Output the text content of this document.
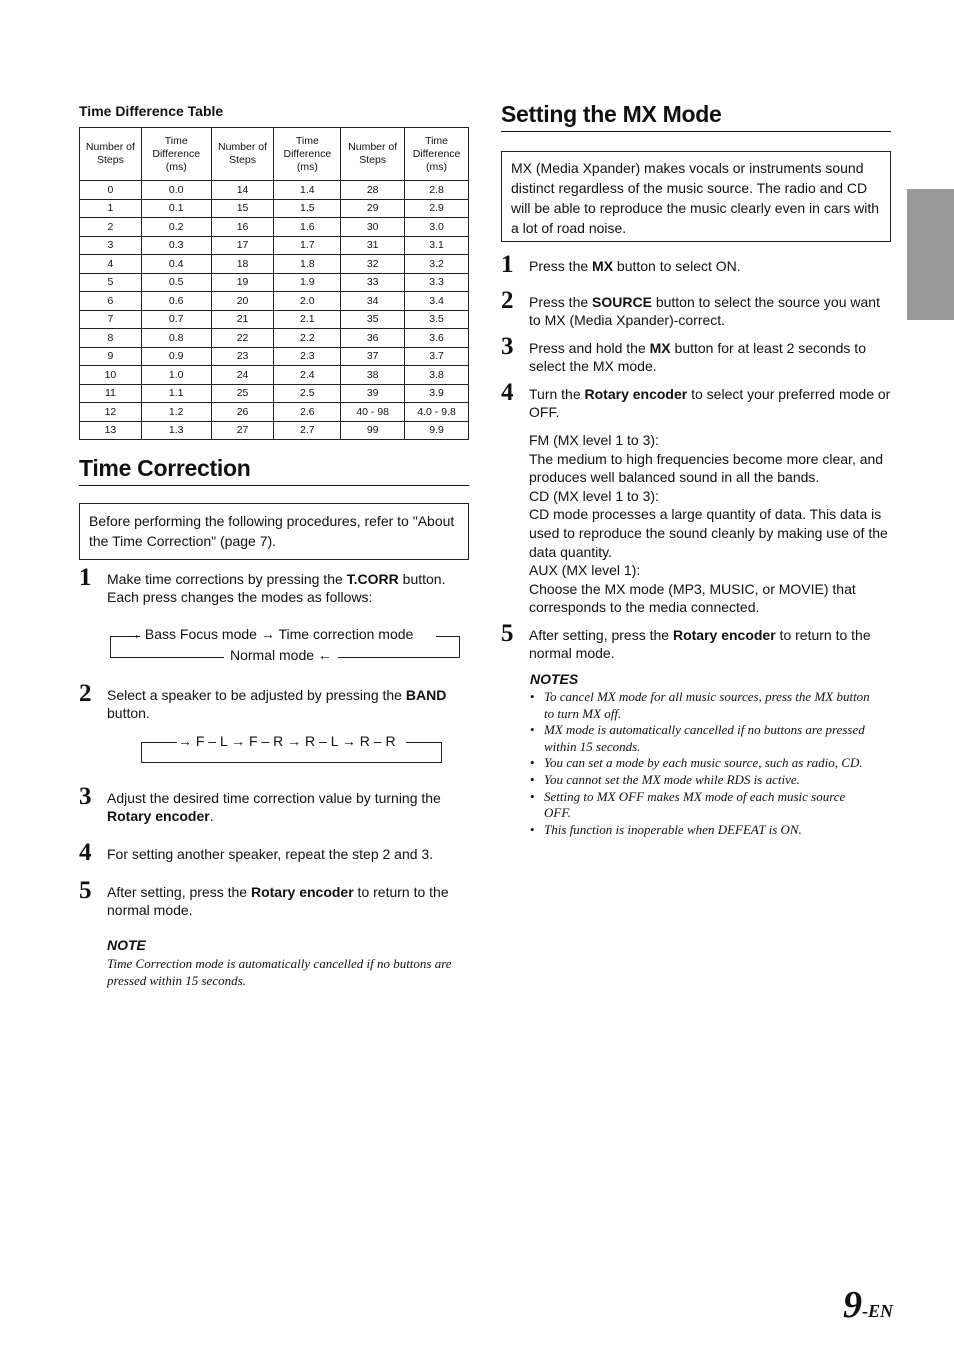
Time Difference Table
Number of Steps	Time Difference (ms)	Number of Steps	Time Difference (ms)	Number of Steps	Time Difference (ms)
0	0.0	14	1.4	28	2.8
1	0.1	15	1.5	29	2.9
2	0.2	16	1.6	30	3.0
3	0.3	17	1.7	31	3.1
4	0.4	18	1.8	32	3.2
5	0.5	19	1.9	33	3.3
6	0.6	20	2.0	34	3.4
7	0.7	21	2.1	35	3.5
8	0.8	22	2.2	36	3.6
9	0.9	23	2.3	37	3.7
10	1.0	24	2.4	38	3.8
11	1.1	25	2.5	39	3.9
12	1.2	26	2.6	40 - 98	4.0 - 9.8
13	1.3	27	2.7	99	9.9
Time Correction
Before performing the following procedures, refer to "About the Time Correction" (page 7).
1 Make time corrections by pressing the T.CORR button. Each press changes the modes as follows:
→ Bass Focus mode → Time correction mode
Normal mode ←
2 Select a speaker to be adjusted by pressing the BAND button.
→ F – L → F – R → R – L → R – R
3 Adjust the desired time correction value by turning the Rotary encoder.
4 For setting another speaker, repeat the step 2 and 3.
5 After setting, press the Rotary encoder to return to the normal mode.
NOTE
Time Correction mode is automatically cancelled if no buttons are pressed within 15 seconds.
Setting the MX Mode
MX (Media Xpander) makes vocals or instruments sound distinct regardless of the music source. The radio and CD will be able to reproduce the music clearly even in cars with a lot of road noise.
1 Press the MX button to select ON.
2 Press the SOURCE button to select the source you want to MX (Media Xpander)-correct.
3 Press and hold the MX button for at least 2 seconds to select the MX mode.
4 Turn the Rotary encoder to select your preferred mode or OFF.
FM (MX level 1 to 3):
The medium to high frequencies become more clear, and produces well balanced sound in all the bands.
CD (MX level 1 to 3):
CD mode processes a large quantity of data. This data is used to reproduce the sound cleanly by making use of the data quantity.
AUX (MX level 1):
Choose the MX mode (MP3, MUSIC, or MOVIE) that corresponds to the media connected.
5 After setting, press the Rotary encoder to return to the normal mode.
NOTES
• To cancel MX mode for all music sources, press the MX button to turn MX off.
• MX mode is automatically cancelled if no buttons are pressed within 15 seconds.
• You can set a mode by each music source, such as radio, CD.
• You cannot set the MX mode while RDS is active.
• Setting to MX OFF makes MX mode of each music source OFF.
• This function is inoperable when DEFEAT is ON.
9-EN
